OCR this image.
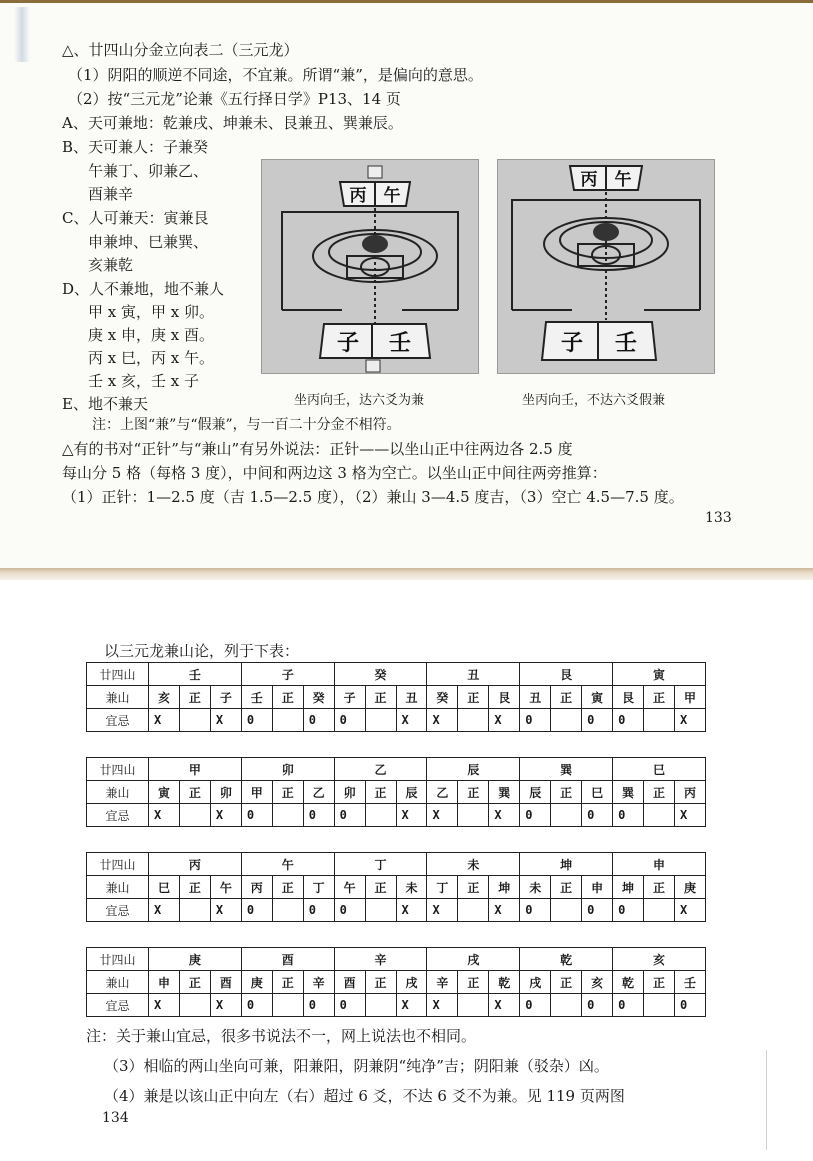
△、廿四山分金立向表二（三元龙）
（1）阴阳的顺逆不同途，不宜兼。所谓“兼”，是偏向的意思。
（2）按“三元龙”论兼《五行择日学》P13、14 页
A、天可兼地：乾兼戌、坤兼未、艮兼丑、巽兼辰。
B、天可兼人：子兼癸
午兼丁、卯兼乙、
酉兼辛
C、人可兼天：寅兼艮
申兼坤、巳兼巽、
亥兼乾
D、人不兼地，地不兼人
甲 x 寅，甲 x 卯。
庚 x 申，庚 x 酉。
丙 x 巳，丙 x 午。
壬 x 亥，壬 x 子
E、地不兼天
丙 午
子 壬
丙 午
子 壬
坐丙向壬，达六爻为兼	坐丙向壬，不达六爻假兼
注：上图“兼”与“假兼”，与一百二十分金不相符。
△有的书对“正针”与“兼山”有另外说法：正针——以坐山正中往两边各 2.5 度
每山分 5 格（每格 3 度），中间和两边这 3 格为空亡。以坐山正中间往两旁推算：
（1）正针：1—2.5 度（吉 1.5—2.5 度），（2）兼山 3—4.5 度吉，（3）空亡 4.5—7.5 度。
133
以三元龙兼山论，列于下表：
廿四山	壬			子			癸			丑			艮			寅		
兼山	亥	正	子	壬	正	癸	子	正	丑	癸	正	艮	丑	正	寅	艮	正	甲
宜忌	X		X	0		0	0		X	X		X	0		0	0		X
廿四山	甲			卯			乙			辰			巽			巳		
兼山	寅	正	卯	甲	正	乙	卯	正	辰	乙	正	巽	辰	正	巳	巽	正	丙
宜忌	X		X	0		0	0		X	X		X	0		0	0		X
廿四山	丙			午			丁			未			坤			申		
兼山	巳	正	午	丙	正	丁	午	正	未	丁	正	坤	未	正	申	坤	正	庚
宜忌	X		X	0		0	0		X	X		X	0		0	0		X
廿四山	庚			酉			辛			戌			乾			亥		
兼山	申	正	酉	庚	正	辛	酉	正	戌	辛	正	乾	戌	正	亥	乾	正	壬
宜忌	X		X	0		0	0		X	X		X	0		0	0		0
注：关于兼山宜忌，很多书说法不一，网上说法也不相同。
（3）相临的两山坐向可兼，阳兼阳，阴兼阴“纯净”吉；阴阳兼（驳杂）凶。
（4）兼是以该山正中向左（右）超过 6 爻，不达 6 爻不为兼。见 119 页两图
134
